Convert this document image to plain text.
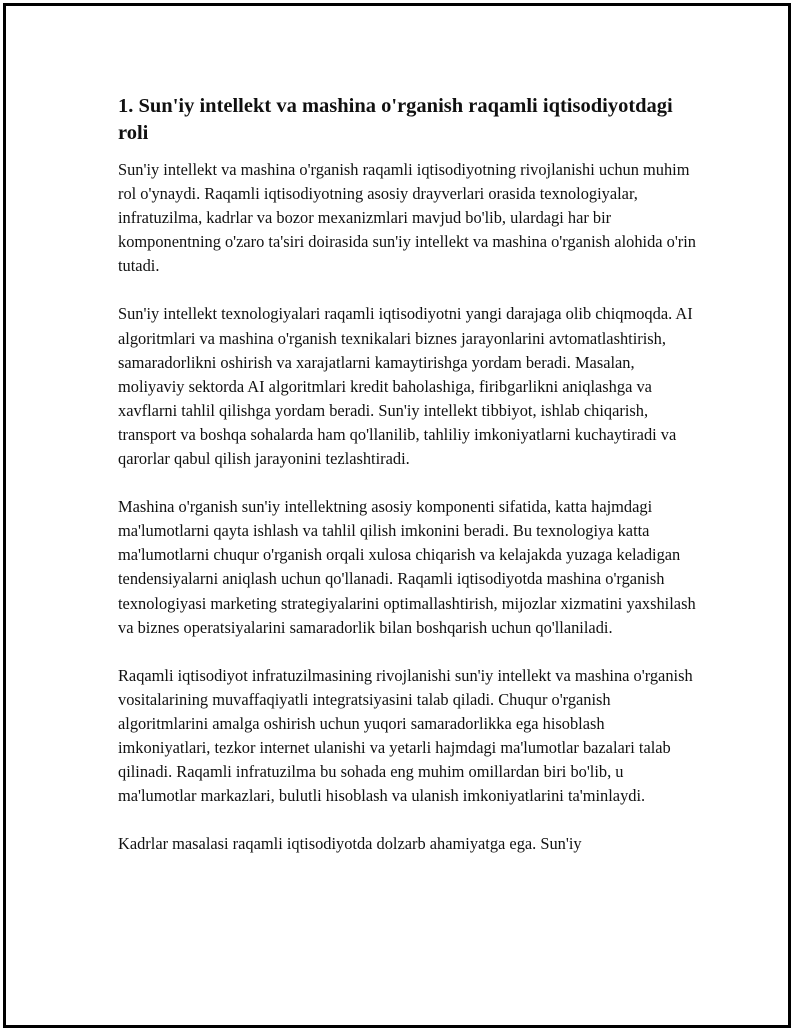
1. Sun'iy intellekt va mashina o'rganish raqamli iqtisodiyotdagi roli

Sun'iy intellekt va mashina o'rganish raqamli iqtisodiyotning rivojlanishi uchun muhim rol o'ynaydi. Raqamli iqtisodiyotning asosiy drayverlari orasida texnologiyalar, infratuzilma, kadrlar va bozor mexanizmlari mavjud bo'lib, ulardagi har bir komponentning o'zaro ta'siri doirasida sun'iy intellekt va mashina o'rganish alohida o'rin tutadi.

Sun'iy intellekt texnologiyalari raqamli iqtisodiyotni yangi darajaga olib chiqmoqda. AI algoritmlari va mashina o'rganish texnikalari biznes jarayonlarini avtomatlashtirish, samaradorlikni oshirish va xarajatlarni kamaytirishga yordam beradi. Masalan, moliyaviy sektorda AI algoritmlari kredit baholashiga, firibgarlikni aniqlashga va xavflarni tahlil qilishga yordam beradi. Sun'iy intellekt tibbiyot, ishlab chiqarish, transport va boshqa sohalarda ham qo'llanilib, tahliliy imkoniyatlarni kuchaytiradi va qarorlar qabul qilish jarayonini tezlashtiradi.

Mashina o'rganish sun'iy intellektning asosiy komponenti sifatida, katta hajmdagi ma'lumotlarni qayta ishlash va tahlil qilish imkonini beradi. Bu texnologiya katta ma'lumotlarni chuqur o'rganish orqali xulosa chiqarish va kelajakda yuzaga keladigan tendensiyalarni aniqlash uchun qo'llanadi. Raqamli iqtisodiyotda mashina o'rganish texnologiyasi marketing strategiyalarini optimallashtirish, mijozlar xizmatini yaxshilash va biznes operatsiyalarini samaradorlik bilan boshqarish uchun qo'llaniladi.

Raqamli iqtisodiyot infratuzilmasining rivojlanishi sun'iy intellekt va mashina o'rganish vositalarining muvaffaqiyatli integratsiyasini talab qiladi. Chuqur o'rganish algoritmlarini amalga oshirish uchun yuqori samaradorlikka ega hisoblash imkoniyatlari, tezkor internet ulanishi va yetarli hajmdagi ma'lumotlar bazalari talab qilinadi. Raqamli infratuzilma bu sohada eng muhim omillardan biri bo'lib, u ma'lumotlar markazlari, bulutli hisoblash va ulanish imkoniyatlarini ta'minlaydi.

Kadrlar masalasi raqamli iqtisodiyotda dolzarb ahamiyatga ega. Sun'iy
